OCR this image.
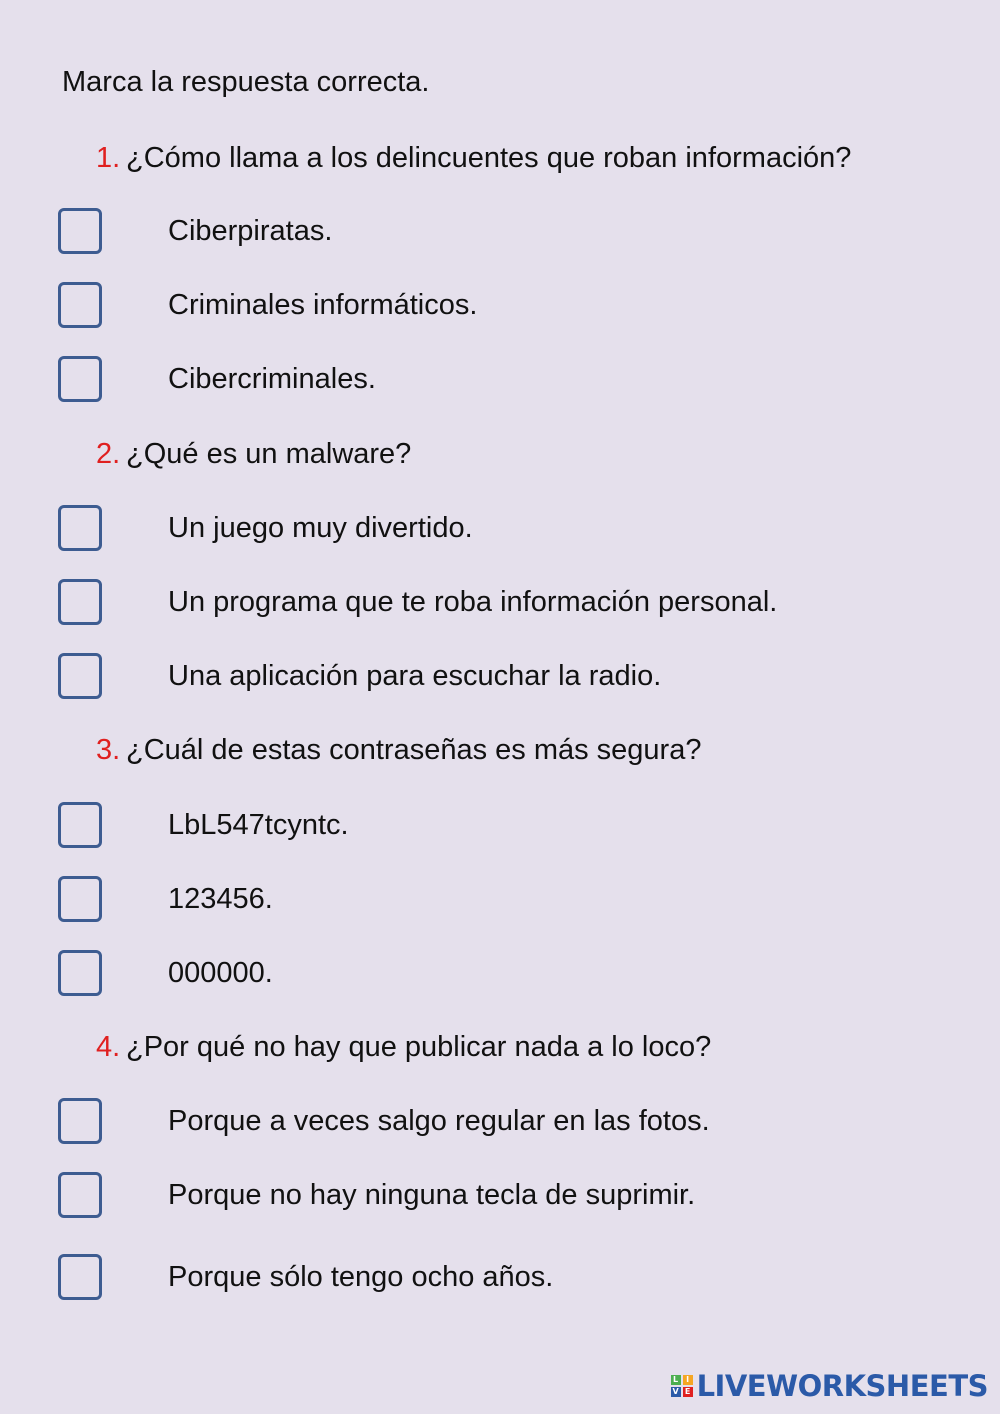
Marca la respuesta correcta.
1. ¿Cómo llama a los delincuentes que roban información?
Ciberpiratas.
Criminales informáticos.
Cibercriminales.
2. ¿Qué es un malware?
Un juego muy divertido.
Un programa que te roba información personal.
Una aplicación para escuchar la radio.
3. ¿Cuál de estas contraseñas es más segura?
LbL547tcyntc.
123456.
000000.
4. ¿Por qué no hay que publicar nada a lo loco?
Porque a veces salgo regular en las fotos.
Porque no hay ninguna tecla de suprimir.
Porque sólo tengo ocho años.
L I
V E LIVEWORKSHEETS
